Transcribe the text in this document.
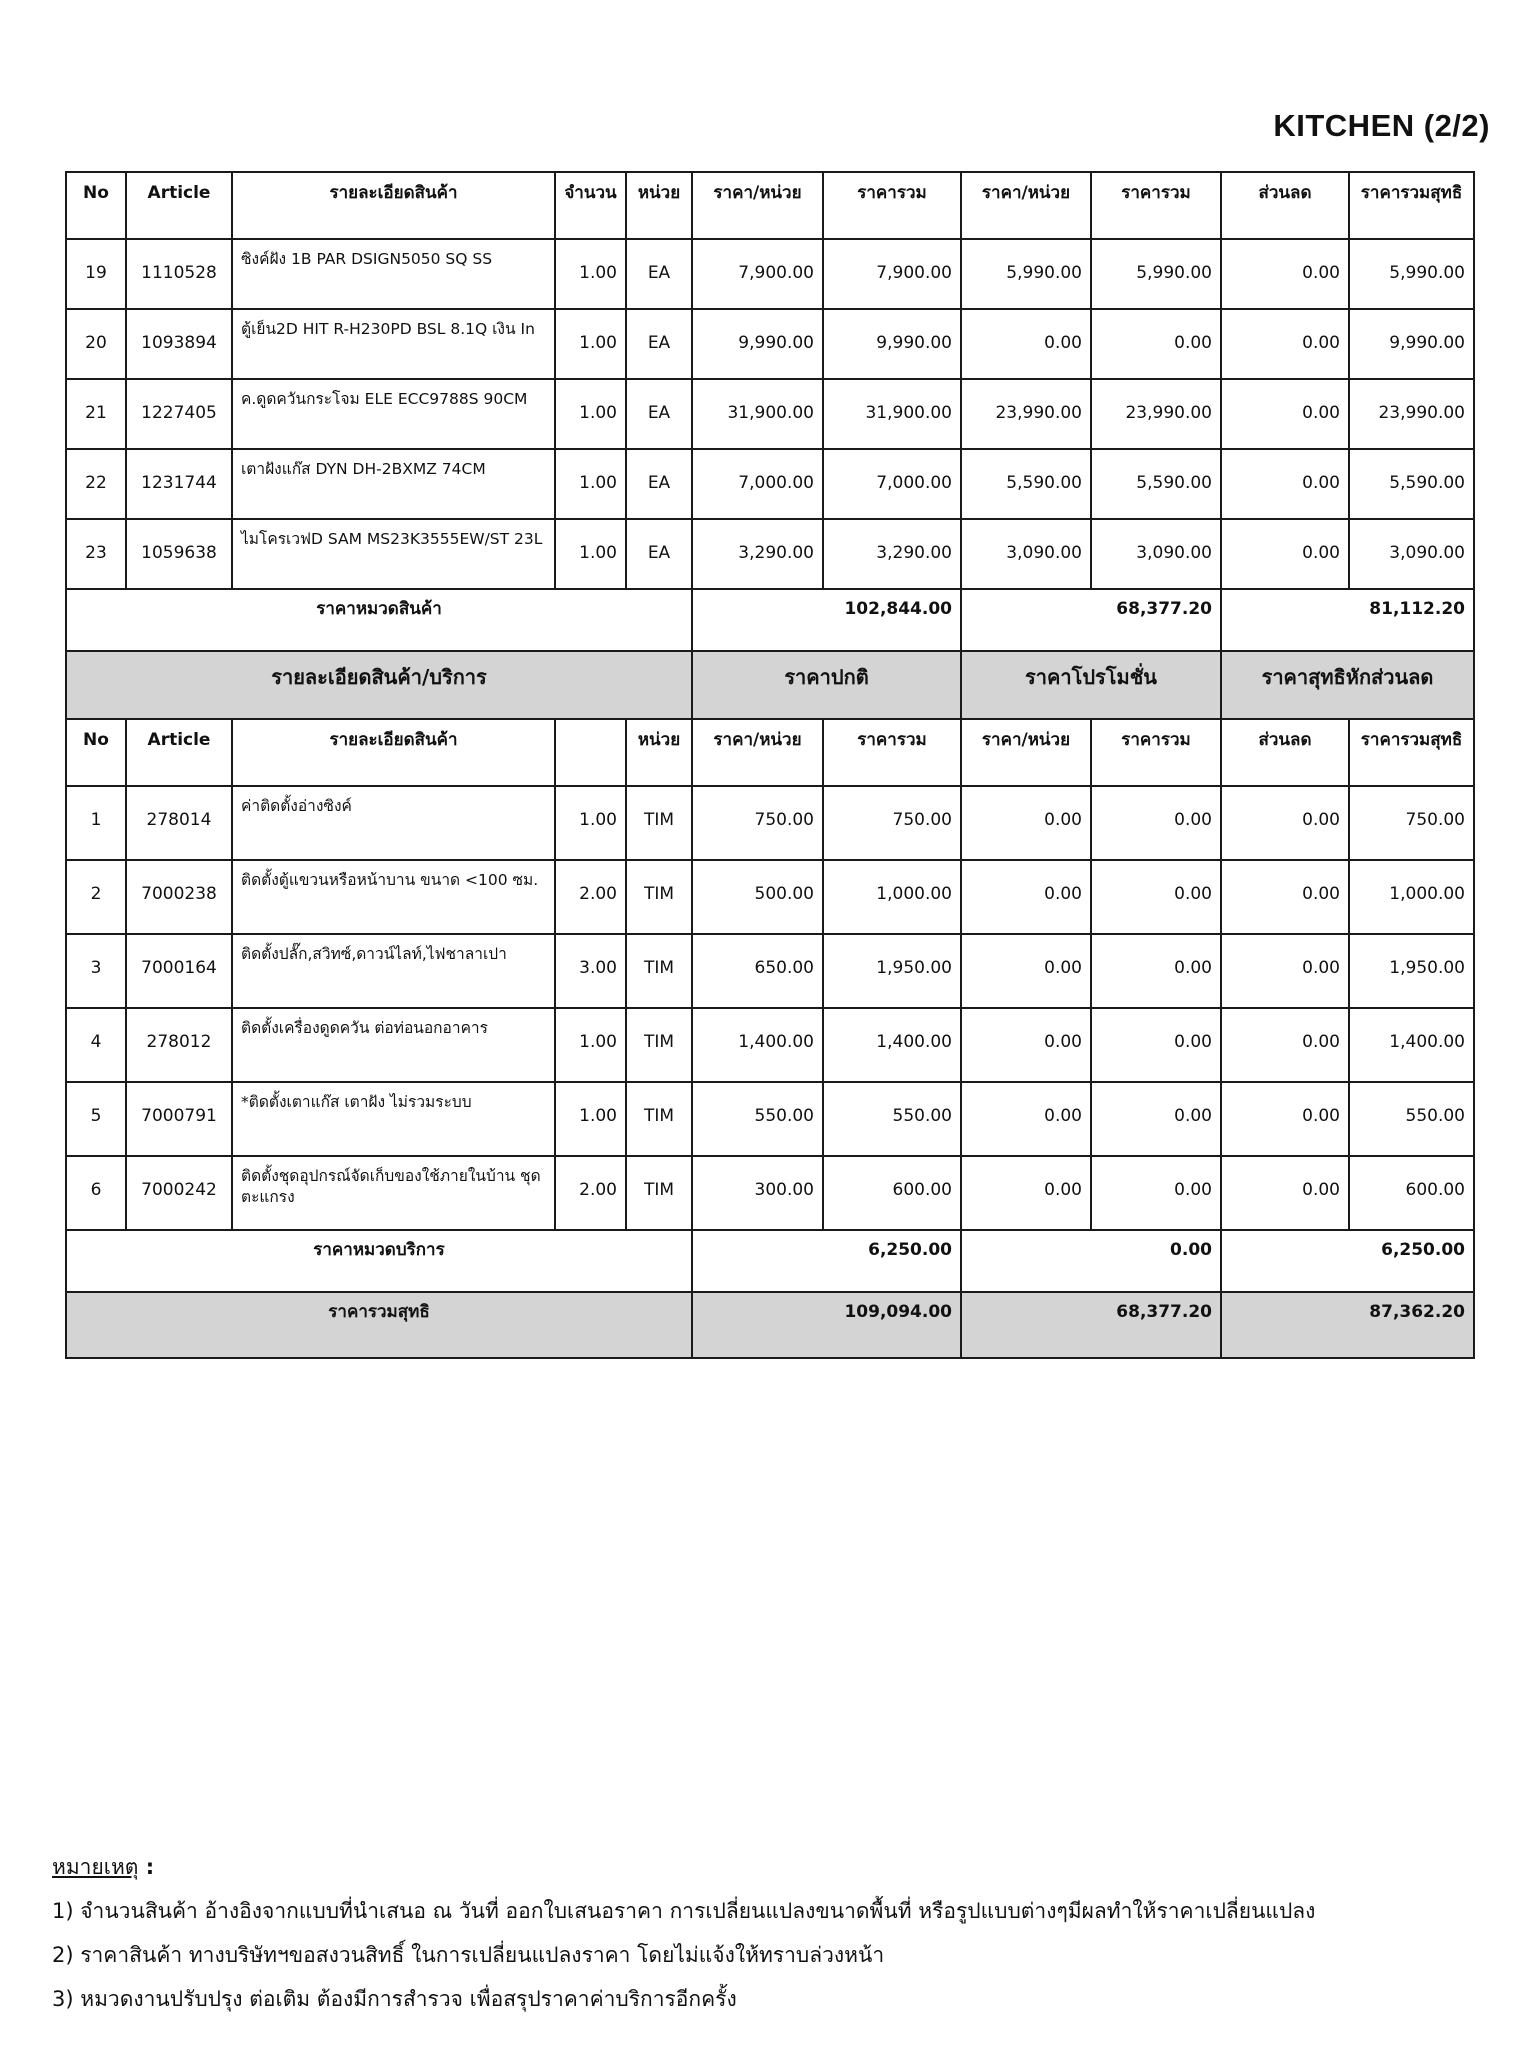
KITCHEN (2/2)
No	Article	รายละเอียดสินค้า	จำนวน	หน่วย	ราคา/หน่วย	ราคารวม	ราคา/หน่วย	ราคารวม	ส่วนลด	ราคารวมสุทธิ
19	1110528	ซิงค์ฝัง 1B PAR DSIGN5050 SQ SS	1.00	EA	7,900.00	7,900.00	5,990.00	5,990.00	0.00	5,990.00
20	1093894	ตู้เย็น2D HIT R-H230PD BSL 8.1Q เงิน In	1.00	EA	9,990.00	9,990.00	0.00	0.00	0.00	9,990.00
21	1227405	ค.ดูดควันกระโจม ELE ECC9788S 90CM	1.00	EA	31,900.00	31,900.00	23,990.00	23,990.00	0.00	23,990.00
22	1231744	เตาฝังแก๊ส DYN DH-2BXMZ 74CM	1.00	EA	7,000.00	7,000.00	5,590.00	5,590.00	0.00	5,590.00
23	1059638	ไมโครเวฟD SAM MS23K3555EW/ST 23L	1.00	EA	3,290.00	3,290.00	3,090.00	3,090.00	0.00	3,090.00
ราคาหมวดสินค้า					102,844.00		68,377.20		81,112.20	
รายละเอียดสินค้า/บริการ					ราคาปกติ		ราคาโปรโมชั่น		ราคาสุทธิหักส่วนลด	
No	Article	รายละเอียดสินค้า		หน่วย	ราคา/หน่วย	ราคารวม	ราคา/หน่วย	ราคารวม	ส่วนลด	ราคารวมสุทธิ
1	278014	ค่าติดตั้งอ่างซิงค์	1.00	TIM	750.00	750.00	0.00	0.00	0.00	750.00
2	7000238	ติดตั้งตู้แขวนหรือหน้าบาน ขนาด <100 ซม.	2.00	TIM	500.00	1,000.00	0.00	0.00	0.00	1,000.00
3	7000164	ติดตั้งปลั๊ก,สวิทซ์,ดาวน์ไลท์,ไฟชาลาเปา	3.00	TIM	650.00	1,950.00	0.00	0.00	0.00	1,950.00
4	278012	ติดตั้งเครื่องดูดควัน ต่อท่อนอกอาคาร	1.00	TIM	1,400.00	1,400.00	0.00	0.00	0.00	1,400.00
5	7000791	*ติดตั้งเตาแก๊ส เตาฝัง ไม่รวมระบบ	1.00	TIM	550.00	550.00	0.00	0.00	0.00	550.00
6	7000242	ติดตั้งชุดอุปกรณ์จัดเก็บของใช้ภายในบ้าน ชุดตะแกรง	2.00	TIM	300.00	600.00	0.00	0.00	0.00	600.00
ราคาหมวดบริการ					6,250.00		0.00		6,250.00	
ราคารวมสุทธิ					109,094.00		68,377.20		87,362.20	
หมายเหตุ :
1) จำนวนสินค้า อ้างอิงจากแบบที่นำเสนอ ณ วันที่ ออกใบเสนอราคา การเปลี่ยนแปลงขนาดพื้นที่ หรือรูปแบบต่างๆมีผลทำให้ราคาเปลี่ยนแปลง
2) ราคาสินค้า ทางบริษัทฯขอสงวนสิทธิ์ ในการเปลี่ยนแปลงราคา โดยไม่แจ้งให้ทราบล่วงหน้า
3) หมวดงานปรับปรุง ต่อเติม ต้องมีการสำรวจ เพื่อสรุปราคาค่าบริการอีกครั้ง
